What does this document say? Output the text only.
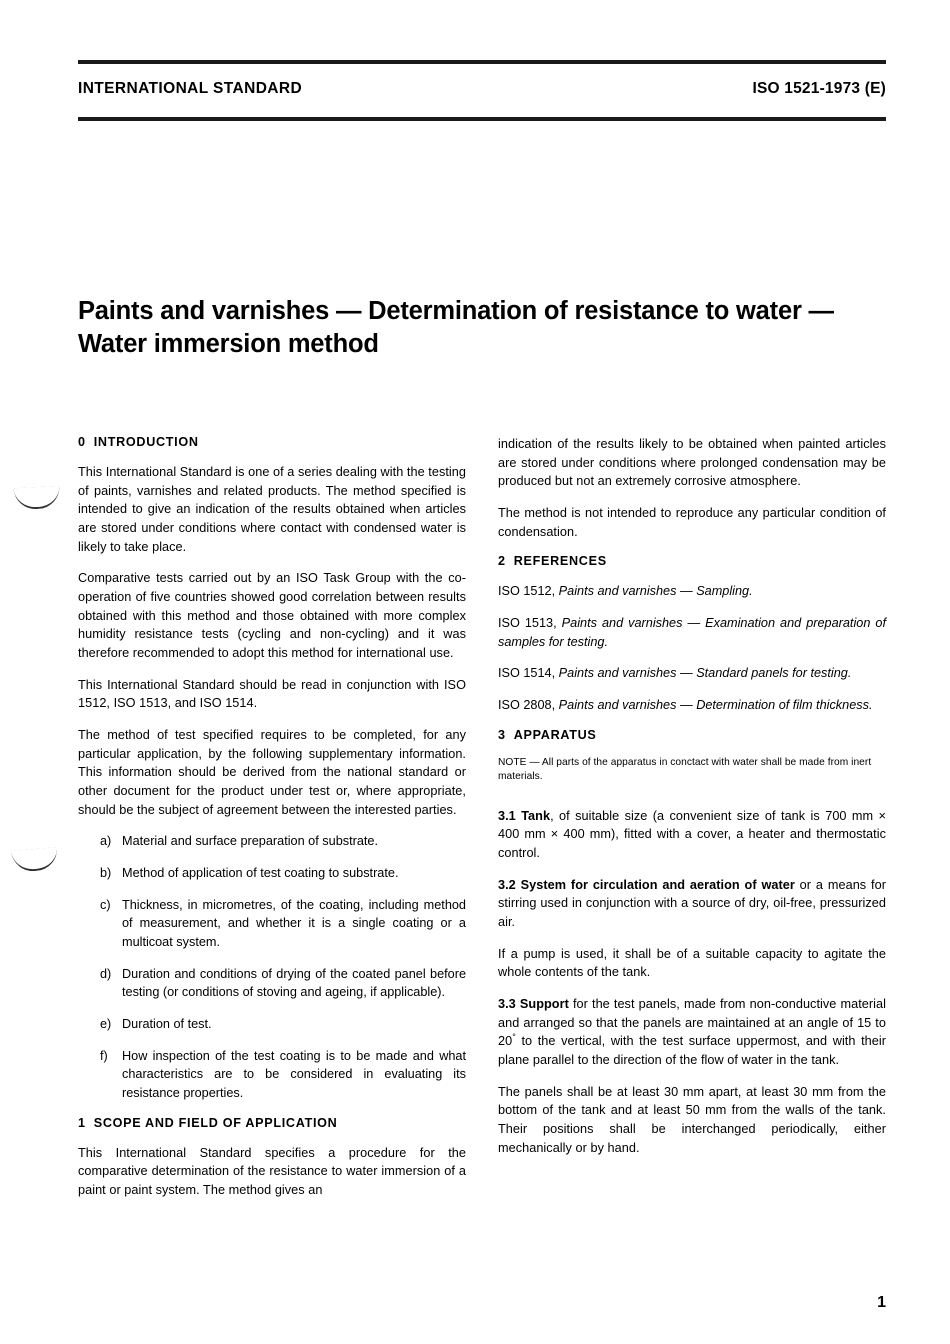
INTERNATIONAL STANDARD	ISO 1521-1973 (E)
Paints and varnishes — Determination of resistance to water — Water immersion method
0 INTRODUCTION

This International Standard is one of a series dealing with the testing of paints, varnishes and related products. The method specified is intended to give an indication of the results obtained when articles are stored under conditions where contact with condensed water is likely to take place.

Comparative tests carried out by an ISO Task Group with the co-operation of five countries showed good correlation between results obtained with this method and those obtained with more complex humidity resistance tests (cycling and non-cycling) and it was therefore recommended to adopt this method for international use.

This International Standard should be read in conjunction with ISO 1512, ISO 1513, and ISO 1514.

The method of test specified requires to be completed, for any particular application, by the following supplementary information. This information should be derived from the national standard or other document for the product under test or, where appropriate, should be the subject of agreement between the interested parties.

a) Material and surface preparation of substrate.
b) Method of application of test coating to substrate.
c) Thickness, in micrometres, of the coating, including method of measurement, and whether it is a single coating or a multicoat system.
d) Duration and conditions of drying of the coated panel before testing (or conditions of stoving and ageing, if applicable).
e) Duration of test.
f) How inspection of the test coating is to be made and what characteristics are to be considered in evaluating its resistance properties.
1 SCOPE AND FIELD OF APPLICATION

This International Standard specifies a procedure for the comparative determination of the resistance to water immersion of a paint or paint system. The method gives an

indication of the results likely to be obtained when painted articles are stored under conditions where prolonged condensation may be produced but not an extremely corrosive atmosphere.

The method is not intended to reproduce any particular condition of condensation.

2 REFERENCES

ISO 1512, Paints and varnishes — Sampling.

ISO 1513, Paints and varnishes — Examination and preparation of samples for testing.

ISO 1514, Paints and varnishes — Standard panels for testing.

ISO 2808, Paints and varnishes — Determination of film thickness.

3 APPARATUS

NOTE — All parts of the apparatus in conctact with water shall be made from inert materials.

3.1 Tank, of suitable size (a convenient size of tank is 700 mm × 400 mm × 400 mm), fitted with a cover, a heater and thermostatic control.

3.2 System for circulation and aeration of water or a means for stirring used in conjunction with a source of dry, oil-free, pressurized air.

If a pump is used, it shall be of a suitable capacity to agitate the whole contents of the tank.

3.3 Support for the test panels, made from non-conductive material and arranged so that the panels are maintained at an angle of 15 to 20° to the vertical, with the test surface uppermost, and with their plane parallel to the direction of the flow of water in the tank.

The panels shall be at least 30 mm apart, at least 30 mm from the bottom of the tank and at least 50 mm from the walls of the tank. Their positions shall be interchanged periodically, either mechanically or by hand.

1
